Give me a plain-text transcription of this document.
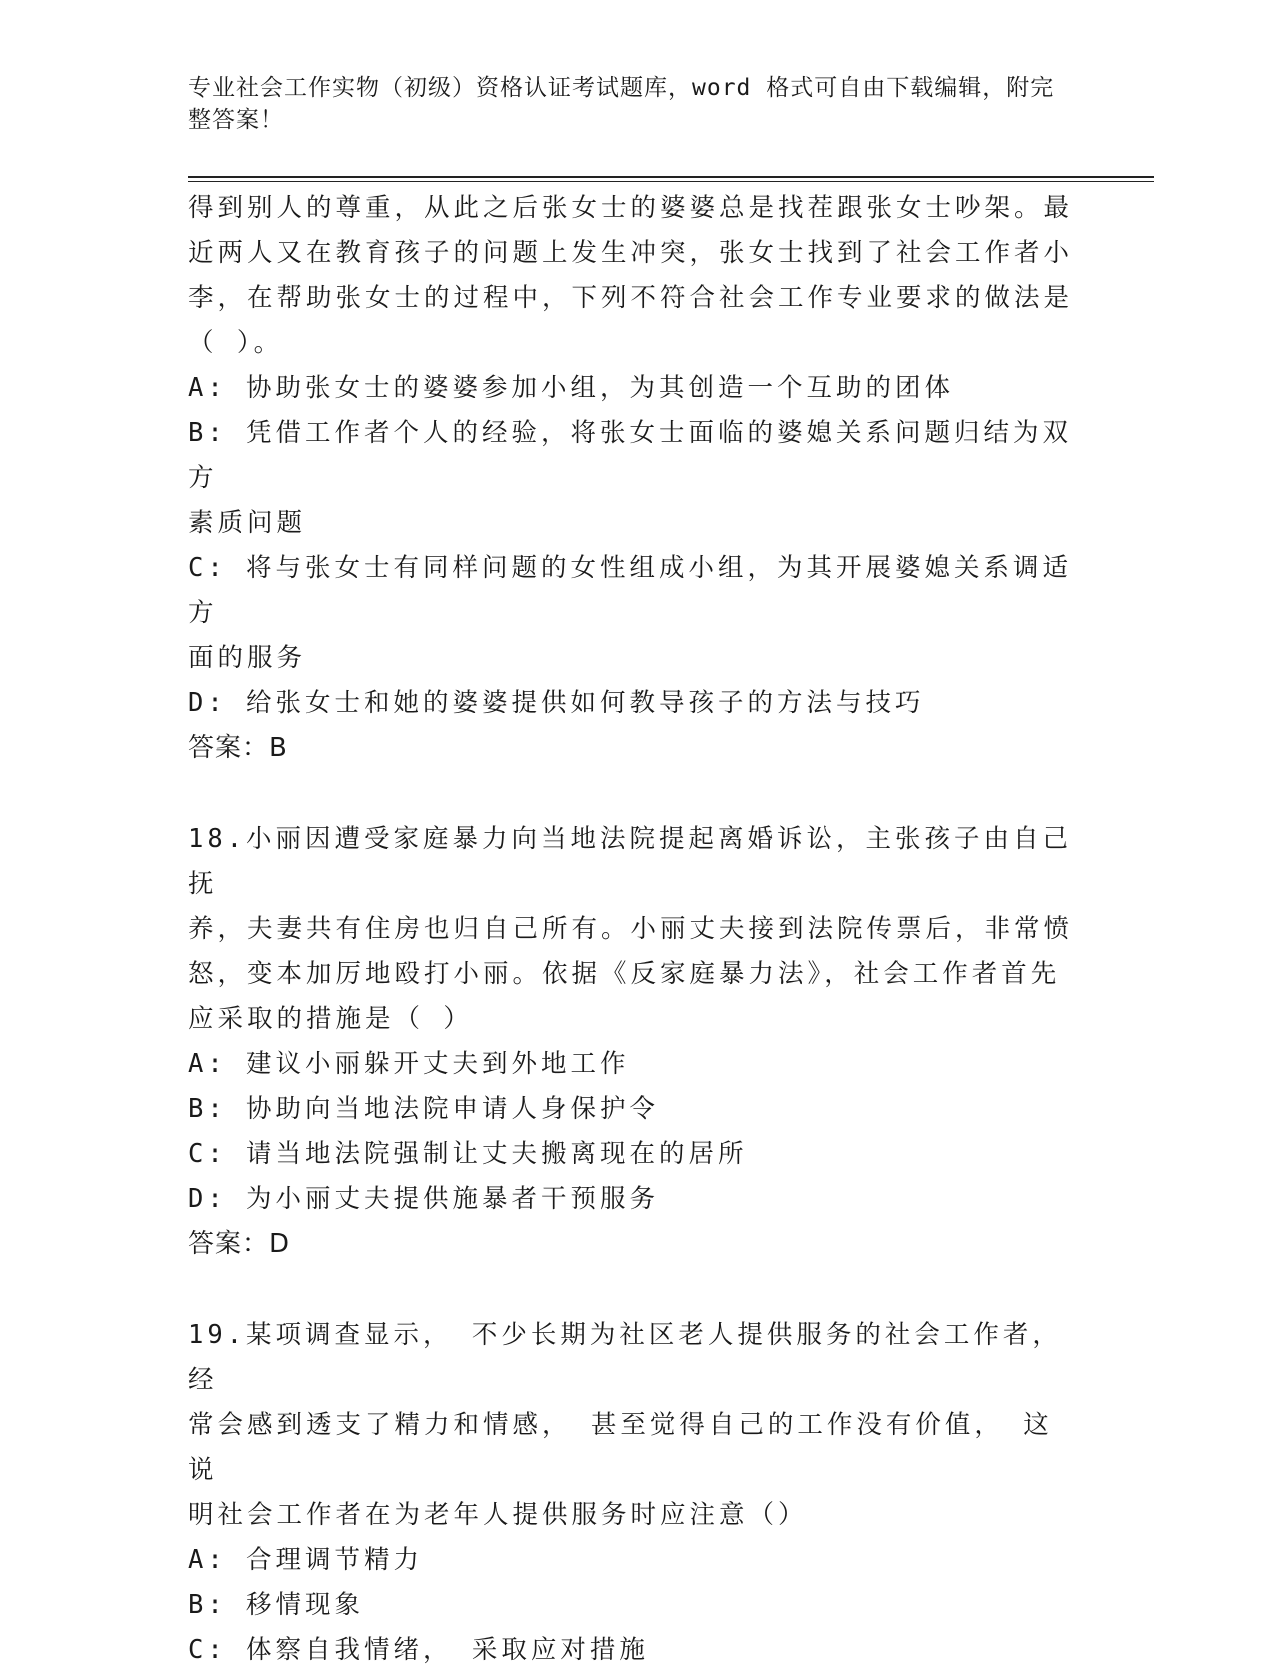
专业社会工作实物（初级）资格认证考试题库，word 格式可自由下载编辑，附完
整答案！

得到别人的尊重，从此之后张女士的婆婆总是找茬跟张女士吵架。最

近两人又在教育孩子的问题上发生冲突，张女士找到了社会工作者小

李，在帮助张女士的过程中，下列不符合社会工作专业要求的做法是

（ ）。

A: 协助张女士的婆婆参加小组，为其创造一个互助的团体

B: 凭借工作者个人的经验，将张女士面临的婆媳关系问题归结为双方

素质问题

C: 将与张女士有同样问题的女性组成小组，为其开展婆媳关系调适方

面的服务

D: 给张女士和她的婆婆提供如何教导孩子的方法与技巧

答案：B

18.小丽因遭受家庭暴力向当地法院提起离婚诉讼，主张孩子由自己抚

养，夫妻共有住房也归自己所有。小丽丈夫接到法院传票后，非常愤

怒，变本加厉地殴打小丽。依据《反家庭暴力法》，社会工作者首先

应采取的措施是（ ）

A: 建议小丽躲开丈夫到外地工作

B: 协助向当地法院申请人身保护令

C: 请当地法院强制让丈夫搬离现在的居所

D: 为小丽丈夫提供施暴者干预服务

答案：D

19.某项调查显示， 不少长期为社区老人提供服务的社会工作者， 经

常会感到透支了精力和情感， 甚至觉得自己的工作没有价值， 这说

明社会工作者在为老年人提供服务时应注意（）

A: 合理调节精力

B: 移情现象

C: 体察自我情绪， 采取应对措施
